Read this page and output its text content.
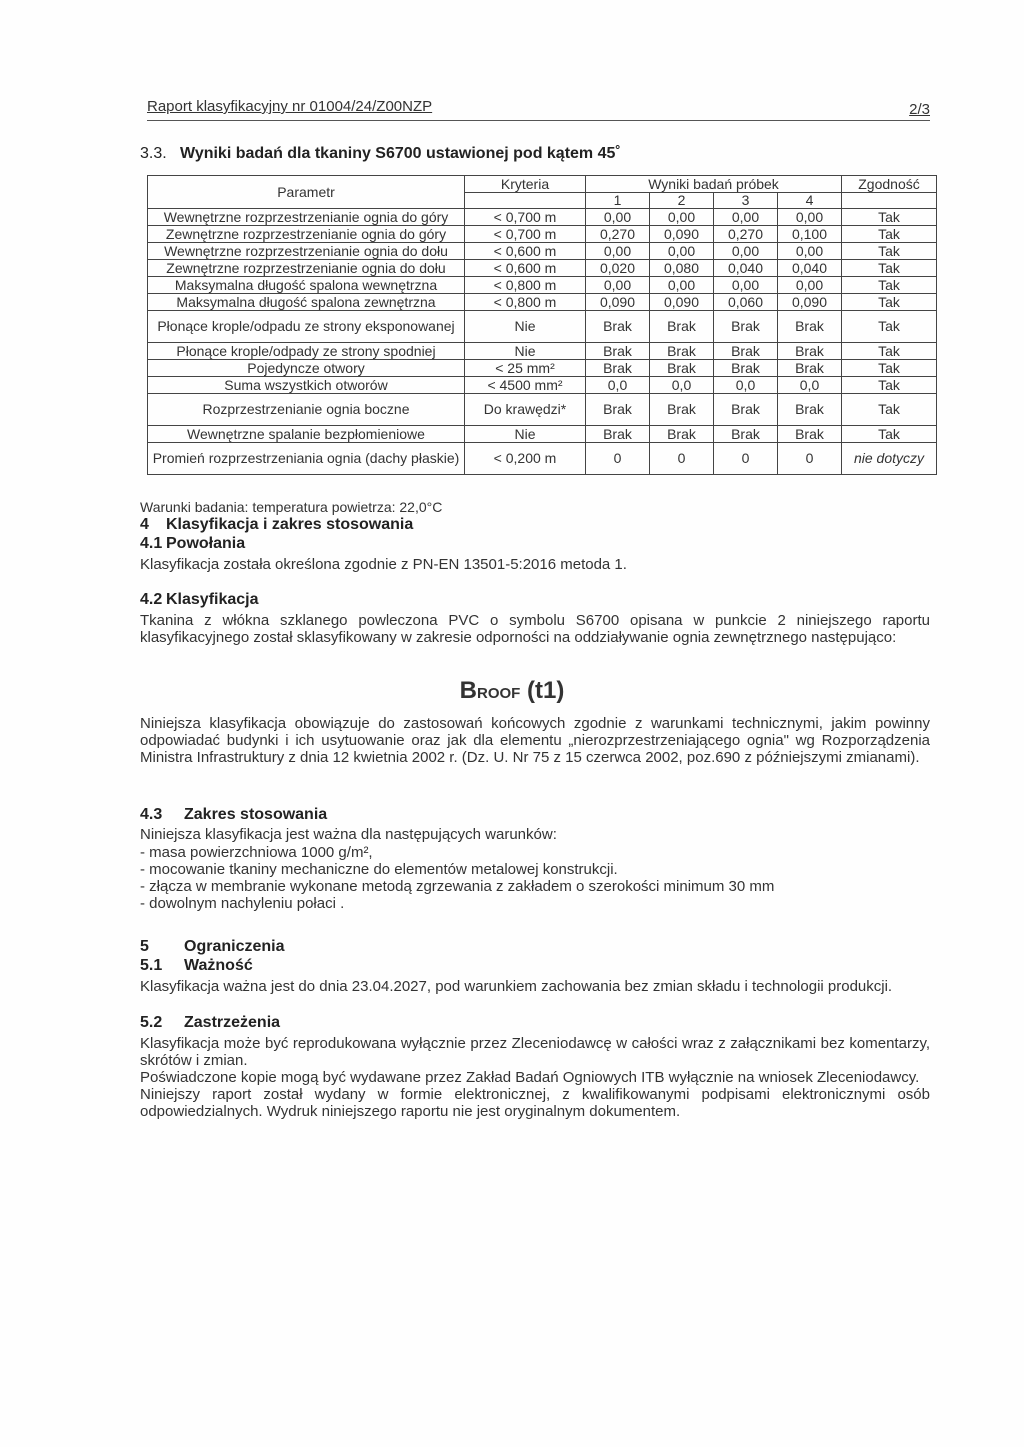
Raport klasyfikacyjny nr 01004/24/Z00NZP	2/3
3.3. Wyniki badań dla tkaniny S6700 ustawionej pod kątem 45˚
Parametr	Kryteria	Wyniki badań próbek				Zgodność
		1	2	3	4	
Wewnętrzne rozprzestrzenianie ognia do góry	< 0,700 m	0,00	0,00	0,00	0,00	Tak
Zewnętrzne rozprzestrzenianie ognia do góry	< 0,700 m	0,270	0,090	0,270	0,100	Tak
Wewnętrzne rozprzestrzenianie ognia do dołu	< 0,600 m	0,00	0,00	0,00	0,00	Tak
Zewnętrzne rozprzestrzenianie ognia do dołu	< 0,600 m	0,020	0,080	0,040	0,040	Tak
Maksymalna długość spalona wewnętrzna	< 0,800 m	0,00	0,00	0,00	0,00	Tak
Maksymalna długość spalona zewnętrzna	< 0,800 m	0,090	0,090	0,060	0,090	Tak
Płonące krople/odpadu ze strony eksponowanej	Nie	Brak	Brak	Brak	Brak	Tak
Płonące krople/odpady ze strony spodniej	Nie	Brak	Brak	Brak	Brak	Tak
Pojedyncze otwory	< 25 mm²	Brak	Brak	Brak	Brak	Tak
Suma wszystkich otworów	< 4500 mm²	0,0	0,0	0,0	0,0	Tak
Rozprzestrzenianie ognia boczne	Do krawędzi*	Brak	Brak	Brak	Brak	Tak
Wewnętrzne spalanie bezpłomieniowe	Nie	Brak	Brak	Brak	Brak	Tak
Promień rozprzestrzeniania ognia (dachy płaskie)	< 0,200 m	0	0	0	0	nie dotyczy
Warunki badania: temperatura powietrza: 22,0°C
4 Klasyfikacja i zakres stosowania
4.1 Powołania
Klasyfikacja została określona zgodnie z PN-EN 13501-5:2016 metoda 1.
4.2 Klasyfikacja
Tkanina z włókna szklanego powleczona PVC o symbolu S6700 opisana w punkcie 2 niniejszego raportu klasyfikacyjnego został sklasyfikowany w zakresie odporności na oddziaływanie ognia zewnętrznego następująco:
BROOF (t1)
Niniejsza klasyfikacja obowiązuje do zastosowań końcowych zgodnie z warunkami technicznymi, jakim powinny odpowiadać budynki i ich usytuowanie oraz jak dla elementu „nierozprzestrzeniającego ognia" wg Rozporządzenia Ministra Infrastruktury z dnia 12 kwietnia 2002 r. (Dz. U. Nr 75 z 15 czerwca 2002, poz.690 z późniejszymi zmianami).
4.3 Zakres stosowania
Niniejsza klasyfikacja jest ważna dla następujących warunków:
- masa powierzchniowa 1000 g/m²,
- mocowanie tkaniny mechaniczne do elementów metalowej konstrukcji.
- złącza w membranie wykonane metodą zgrzewania z zakładem o szerokości minimum 30 mm
- dowolnym nachyleniu połaci .
5 Ograniczenia
5.1 Ważność
Klasyfikacja ważna jest do dnia 23.04.2027, pod warunkiem zachowania bez zmian składu i technologii produkcji.
5.2 Zastrzeżenia
Klasyfikacja może być reprodukowana wyłącznie przez Zleceniodawcę w całości wraz z załącznikami bez komentarzy, skrótów i zmian.
Poświadczone kopie mogą być wydawane przez Zakład Badań Ogniowych ITB wyłącznie na wniosek Zleceniodawcy.
Niniejszy raport został wydany w formie elektronicznej, z kwalifikowanymi podpisami elektronicznymi osób odpowiedzialnych. Wydruk niniejszego raportu nie jest oryginalnym dokumentem.
